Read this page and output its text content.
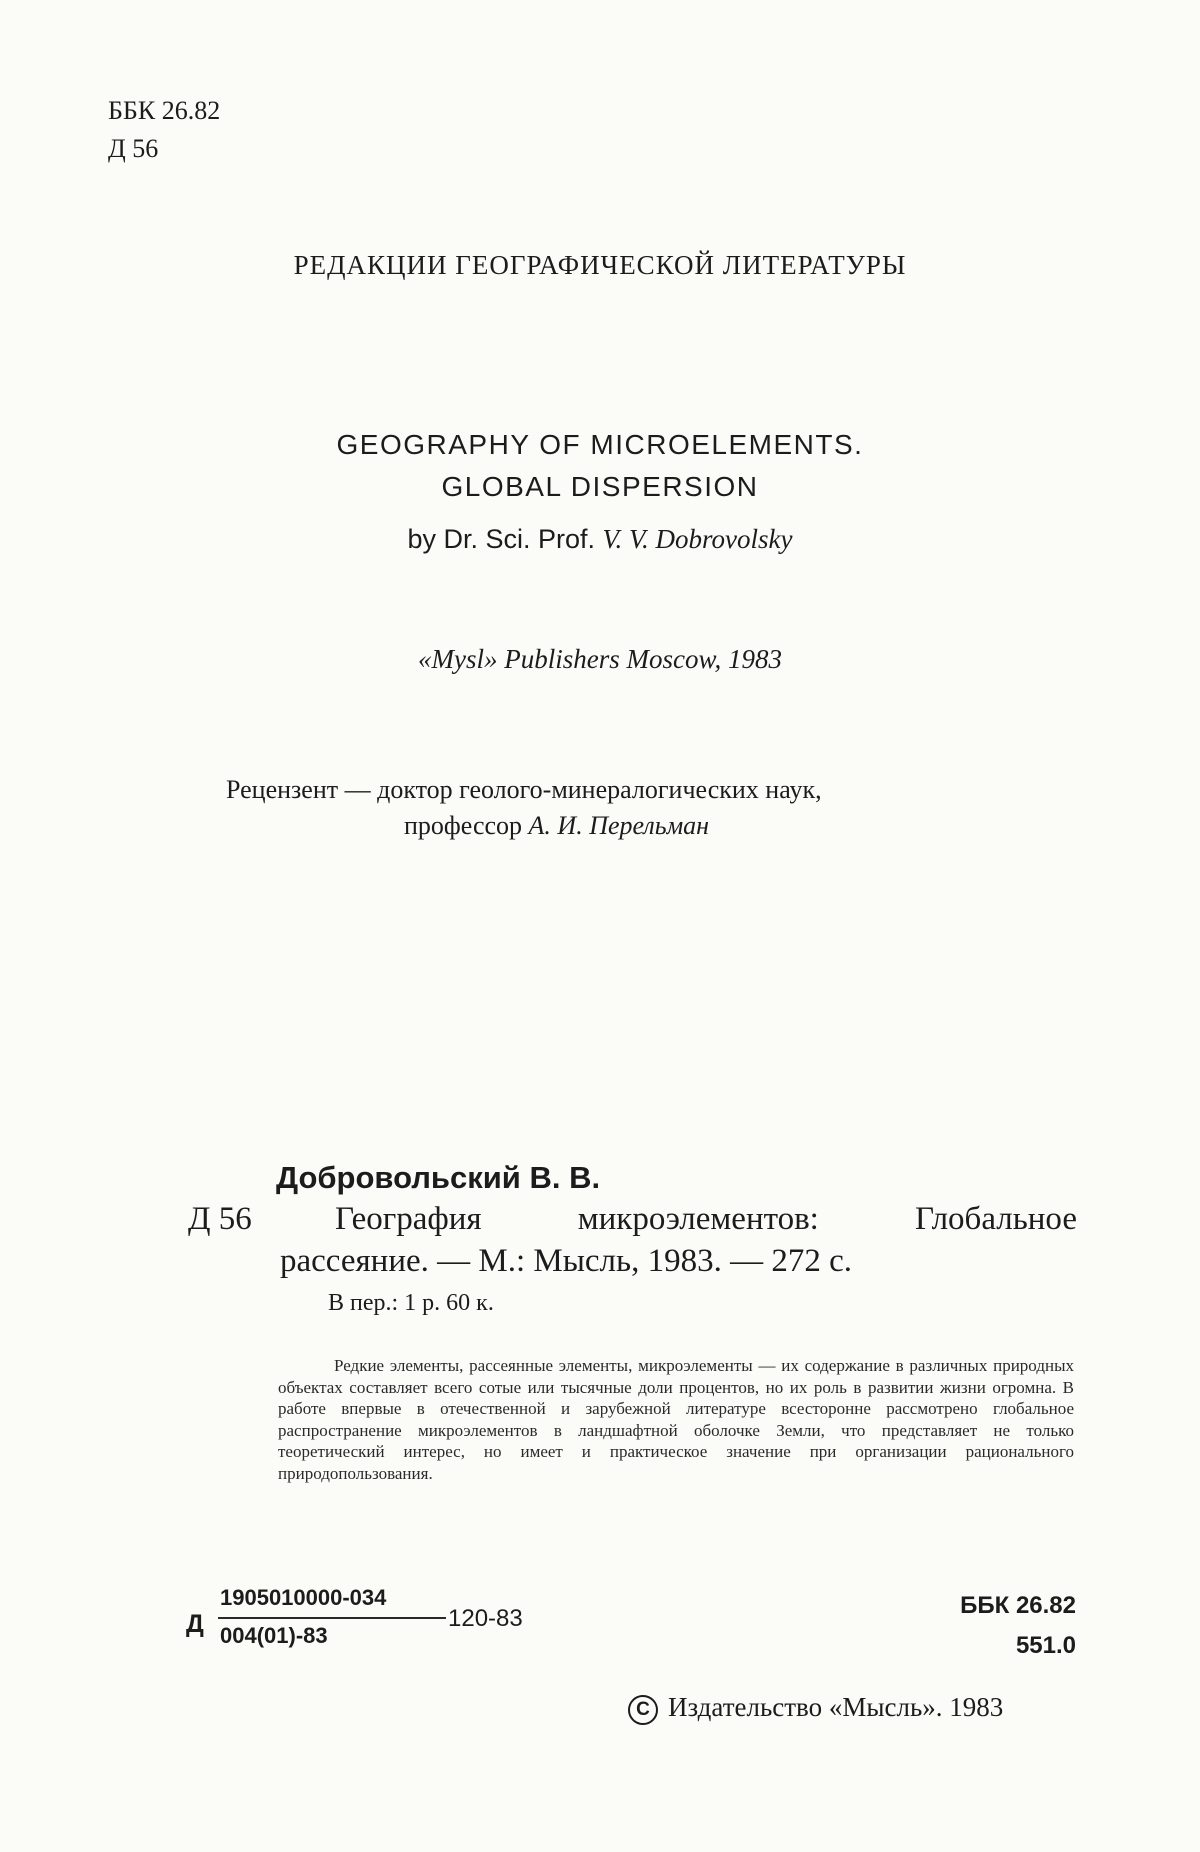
ББК 26.82
Д 56
РЕДАКЦИИ ГЕОГРАФИЧЕСКОЙ ЛИТЕРАТУРЫ
GEOGRAPHY OF MICROELEMENTS.
GLOBAL DISPERSION
by Dr. Sci. Prof. V. V. Dobrovolsky
«Mysl» Publishers Moscow, 1983
Рецензент — доктор геолого-минералогических наук,
профессор А. И. Перельман
Добровольский В. В.
Д 56	География микроэлементов: Глобальное
рассеяние. — М.: Мысль, 1983. — 272 с.
В пер.: 1 р. 60 к.
Редкие элементы, рассеянные элементы, микроэлементы — их содержание в различных природных объектах составляет всего сотые или тысячные доли процентов, но их роль в развитии жизни огромна. В работе впервые в отечественной и зарубежной литературе всесторонне рассмотрено глобальное распространение микроэлементов в ландшафтной оболочке Земли, что представляет не только теоретический интерес, но имеет и практическое значение при организации рационального природопользования.
Д
1905010000-034
004(01)-83
120-83	ББК 26.82
551.0
C Издательство «Мысль». 1983
